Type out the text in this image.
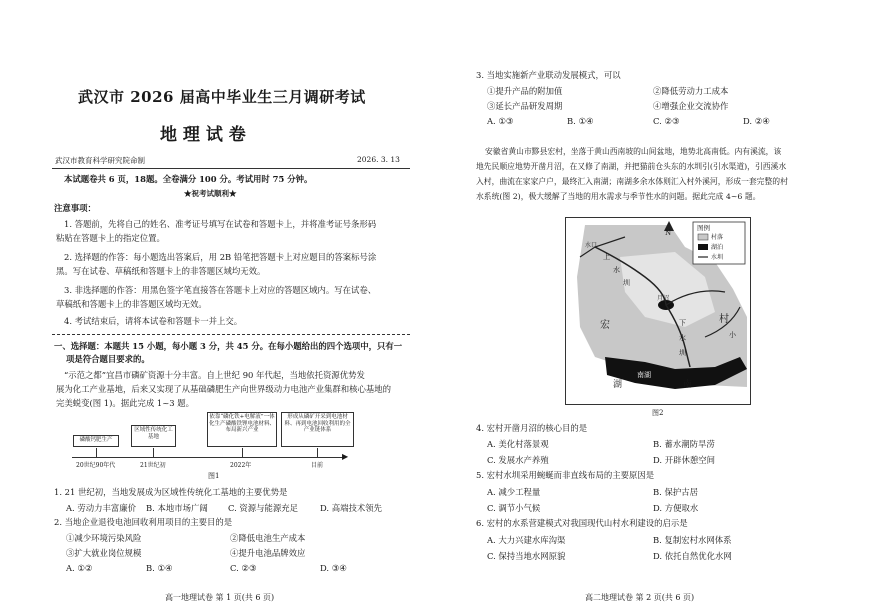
武汉市 2026 届高中毕业生三月调研考试
地 理 试 卷
武汉市教育科学研究院命制	2026. 3. 13
本试题卷共 6 页，18题。全卷满分 100 分。考试用时 75 分钟。
★祝考试顺利★
注意事项：
1. 答题前，先将自己的姓名、准考证号填写在试卷和答题卡上，并将准考证号条形码
粘贴在答题卡上的指定位置。
2. 选择题的作答：每小题选出答案后，用 2B 铅笔把答题卡上对应题目的答案标号涂
黑。写在试卷、草稿纸和答题卡上的非答题区域均无效。
3. 非选择题的作答：用黑色签字笔直接答在答题卡上对应的答题区域内。写在试卷、
草稿纸和答题卡上的非答题区域均无效。
4. 考试结束后，请将本试卷和答题卡一并上交。
一、选择题：本题共 15 小题，每小题 3 分，共 45 分。在每小题给出的四个选项中，只有一
项是符合题目要求的。
“示范之都”宜昌市磷矿资源十分丰富。自上世纪 90 年代起，当地依托资源优势发
展为化工产业基地，后来又实现了从基础磷肥生产向世界级动力电池产业集群和核心基地的
完美蜕变(图 1)。据此完成 1~3 题。
磷酸钙肥生产
区域性传统化工基地
依靠“磷化铁+电解液”一体化生产磷酸铁锂电池材料、布局新兴产业
形成从磷矿开采到电池材料、再到电池回收利用的全产业链体系
▶
20世纪90年代	21世纪初	2022年	目前
图1
1. 21 世纪初，当地发展成为区域性传统化工基地的主要优势是
A. 劳动力丰富廉价 B. 本地市场广阔 C. 资源与能源充足	D. 高端技术领先
2. 当地企业退役电池回收利用项目的主要目的是
①减少环境污染风险	②降低电池生产成本
③扩大就业岗位规模	④提升电池品牌效应
A. ①②	B. ①④	C. ②③	D. ③④
高一地理试卷 第 1 页(共 6 页)
3. 当地实施新产业联动发展模式，可以
①提升产品的附加值	②降低劳动力工成本
③延长产品研发周期	④增强企业交流协作
A. ①③	B. ①④	C. ②③	D. ②④
安徽省黄山市黟县宏村，坐落于黄山西南坡的山间盆地，地势北高南低。内有溪流，该
地先民顺应地势开凿月沼，在又修了南湖，并把猫前仓头东的水圳引(引水渠道)，引西溪水
入村，曲流在家家户户，最终汇入南湖；南湖多余水体则汇入村外溪河，形成一套完整的村
水系统(图 2)，极大缓解了当地的用水需求与季节性水的问题。据此完成 4~6 题。
N
图例
村落
湖泊
水圳
水口
上
水
圳
月沼
宏
村
下
水
圳
小
南湖
南
湖
图2
4. 宏村开凿月沼的核心目的是
A. 美化村落景观	B. 蓄水潮防旱涝
C. 发展水产养殖	D. 开辟休憩空间
5. 宏村水圳采用蜿蜒而非直线布局的主要原因是
A. 减少工程量	B. 保护古居
C. 调节小气候	D. 方便取水
6. 宏村的水系营建模式对我国现代山村水利建设的启示是
A. 大力兴建水库沟渠	B. 复制宏村水网体系
C. 保持当地水网原貌	D. 依托自然优化水网
高二地理试卷 第 2 页(共 6 页)
